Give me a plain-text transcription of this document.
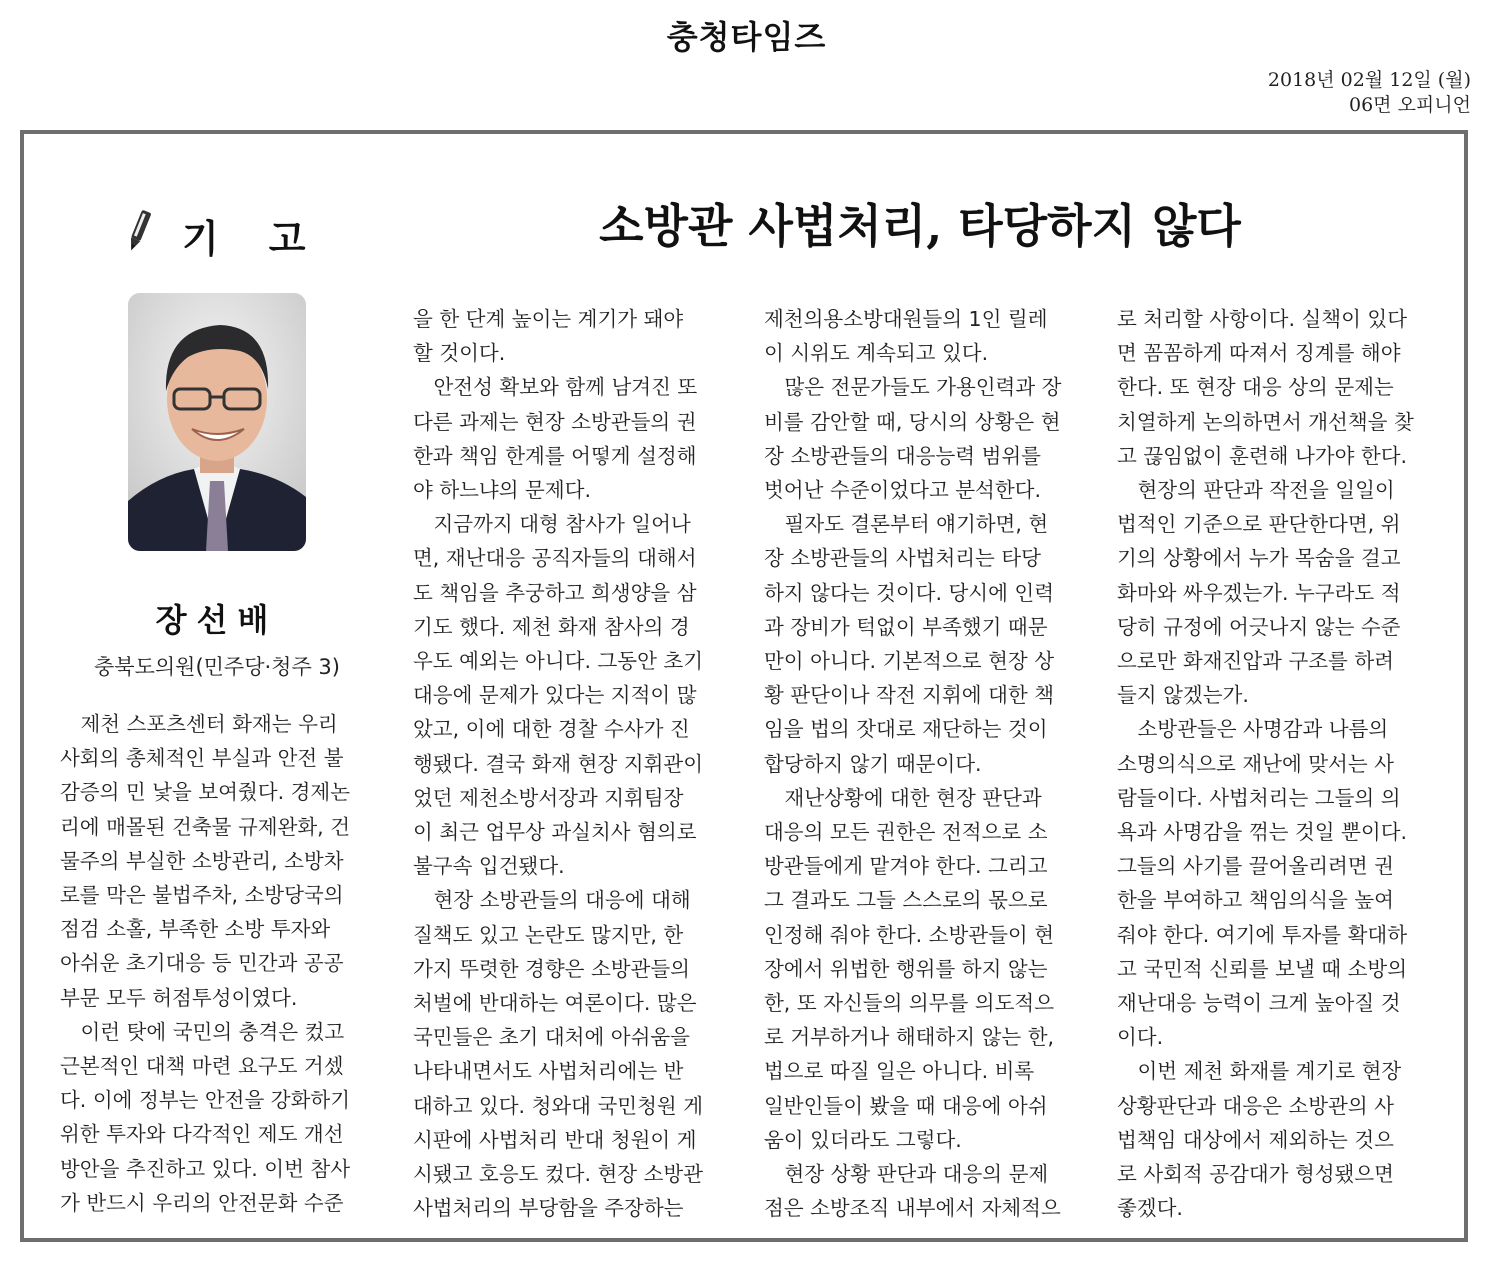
충청타임즈
2018년 02월 12일 (월)
06면 오피니언
기고	소방관 사법처리, 타당하지 않다
장선배
충북도의원(민주당·청주 3)

　제천 스포츠센터 화재는 우리

사회의 총체적인 부실과 안전 불

감증의 민 낯을 보여줬다. 경제논

리에 매몰된 건축물 규제완화, 건

물주의 부실한 소방관리, 소방차

로를 막은 불법주차, 소방당국의

점검 소홀, 부족한 소방 투자와

아쉬운 초기대응 등 민간과 공공

부문 모두 허점투성이였다.

　이런 탓에 국민의 충격은 컸고

근본적인 대책 마련 요구도 거셌

다. 이에 정부는 안전을 강화하기

위한 투자와 다각적인 제도 개선

방안을 추진하고 있다. 이번 참사

가 반드시 우리의 안전문화 수준

을 한 단계 높이는 계기가 돼야

할 것이다.

　안전성 확보와 함께 남겨진 또

다른 과제는 현장 소방관들의 권

한과 책임 한계를 어떻게 설정해

야 하느냐의 문제다.

　지금까지 대형 참사가 일어나

면, 재난대응 공직자들의 대해서

도 책임을 추궁하고 희생양을 삼

기도 했다. 제천 화재 참사의 경

우도 예외는 아니다. 그동안 초기

대응에 문제가 있다는 지적이 많

았고, 이에 대한 경찰 수사가 진

행됐다. 결국 화재 현장 지휘관이

었던 제천소방서장과 지휘팀장

이 최근 업무상 과실치사 혐의로

불구속 입건됐다.

　현장 소방관들의 대응에 대해

질책도 있고 논란도 많지만, 한

가지 뚜렷한 경향은 소방관들의

처벌에 반대하는 여론이다. 많은

국민들은 초기 대처에 아쉬움을

나타내면서도 사법처리에는 반

대하고 있다. 청와대 국민청원 게

시판에 사법처리 반대 청원이 게

시됐고 호응도 컸다. 현장 소방관

사법처리의 부당함을 주장하는

제천의용소방대원들의 1인 릴레

이 시위도 계속되고 있다.

　많은 전문가들도 가용인력과 장

비를 감안할 때, 당시의 상황은 현

장 소방관들의 대응능력 범위를

벗어난 수준이었다고 분석한다.

　필자도 결론부터 얘기하면, 현

장 소방관들의 사법처리는 타당

하지 않다는 것이다. 당시에 인력

과 장비가 턱없이 부족했기 때문

만이 아니다. 기본적으로 현장 상

황 판단이나 작전 지휘에 대한 책

임을 법의 잣대로 재단하는 것이

합당하지 않기 때문이다.

　재난상황에 대한 현장 판단과

대응의 모든 권한은 전적으로 소

방관들에게 맡겨야 한다. 그리고

그 결과도 그들 스스로의 몫으로

인정해 줘야 한다. 소방관들이 현

장에서 위법한 행위를 하지 않는

한, 또 자신들의 의무를 의도적으

로 거부하거나 해태하지 않는 한,

법으로 따질 일은 아니다. 비록

일반인들이 봤을 때 대응에 아쉬

움이 있더라도 그렇다.

　현장 상황 판단과 대응의 문제

점은 소방조직 내부에서 자체적으

로 처리할 사항이다. 실책이 있다

면 꼼꼼하게 따져서 징계를 해야

한다. 또 현장 대응 상의 문제는

치열하게 논의하면서 개선책을 찾

고 끊임없이 훈련해 나가야 한다.

　현장의 판단과 작전을 일일이

법적인 기준으로 판단한다면, 위

기의 상황에서 누가 목숨을 걸고

화마와 싸우겠는가. 누구라도 적

당히 규정에 어긋나지 않는 수준

으로만 화재진압과 구조를 하려

들지 않겠는가.

　소방관들은 사명감과 나름의

소명의식으로 재난에 맞서는 사

람들이다. 사법처리는 그들의 의

욕과 사명감을 꺾는 것일 뿐이다.

그들의 사기를 끌어올리려면 권

한을 부여하고 책임의식을 높여

줘야 한다. 여기에 투자를 확대하

고 국민적 신뢰를 보낼 때 소방의

재난대응 능력이 크게 높아질 것

이다.

　이번 제천 화재를 계기로 현장

상황판단과 대응은 소방관의 사

법책임 대상에서 제외하는 것으

로 사회적 공감대가 형성됐으면

좋겠다.
